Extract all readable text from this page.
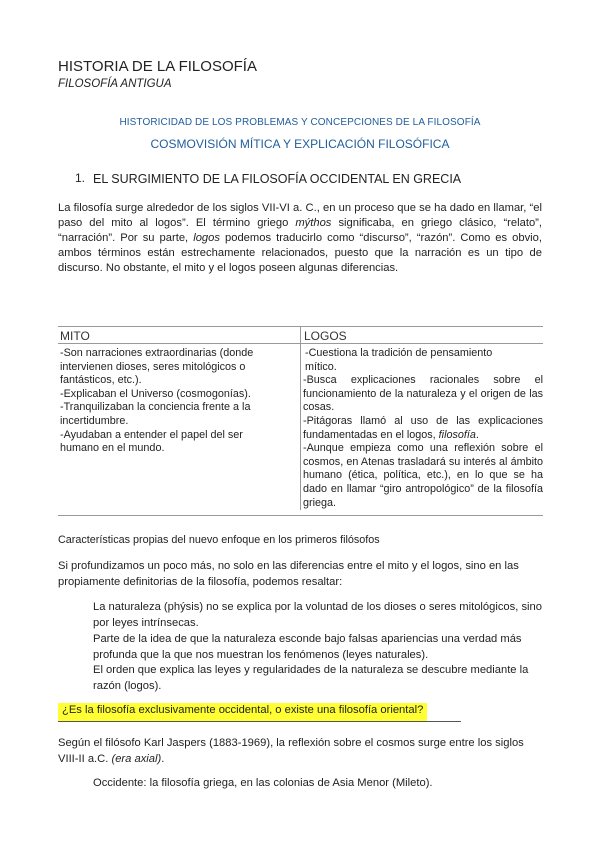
HISTORIA DE LA FILOSOFÍA
FILOSOFÍA ANTIGUA
HISTORICIDAD DE LOS PROBLEMAS Y CONCEPCIONES DE LA FILOSOFÍA
COSMOVISIÓN MÍTICA Y EXPLICACIÓN FILOSÓFICA
1. EL SURGIMIENTO DE LA FILOSOFÍA OCCIDENTAL EN GRECIA
La filosofía surge alrededor de los siglos VII-VI a. C., en un proceso que se ha dado en llamar, “el paso del mito al logos”. El término griego mýthos significaba, en griego clásico, “relato”, “narración”. Por su parte, logos podemos traducirlo como “discurso”, “razón”. Como es obvio, ambos términos están estrechamente relacionados, puesto que la narración es un tipo de discurso. No obstante, el mito y el logos poseen algunas diferencias.
MITO	LOGOS
-Son narraciones extraordinarias (donde
intervienen dioses, seres mitológicos o
fantásticos, etc.).
-Explicaban el Universo (cosmogonías).
-Tranquilizaban la conciencia frente a la
incertidumbre.
-Ayudaban a entender el papel del ser
humano en el mundo.
-Cuestiona la tradición de pensamiento
mítico.
-Busca explicaciones racionales sobre el funcionamiento de la naturaleza y el origen de las cosas.
-Pitágoras llamó al uso de las explicaciones fundamentadas en el logos, filosofía.
-Aunque empieza como una reflexión sobre el cosmos, en Atenas trasladará su interés al ámbito humano (ética, política, etc.), en lo que se ha dado en llamar “giro antropológico” de la filosofía griega.
Características propias del nuevo enfoque en los primeros filósofos
Si profundizamos un poco más, no solo en las diferencias entre el mito y el logos, sino en las propiamente definitorias de la filosofía, podemos resaltar:
La naturaleza (phýsis) no se explica por la voluntad de los dioses o seres mitológicos, sino por leyes intrínsecas.
Parte de la idea de que la naturaleza esconde bajo falsas apariencias una verdad más profunda que la que nos muestran los fenómenos (leyes naturales).
El orden que explica las leyes y regularidades de la naturaleza se descubre mediante la razón (logos).
¿Es la filosofía exclusivamente occidental, o existe una filosofía oriental?
Según el filósofo Karl Jaspers (1883-1969), la reflexión sobre el cosmos surge entre los siglos VIII-II a.C. (era axial).
Occidente: la filosofía griega, en las colonias de Asia Menor (Mileto).
